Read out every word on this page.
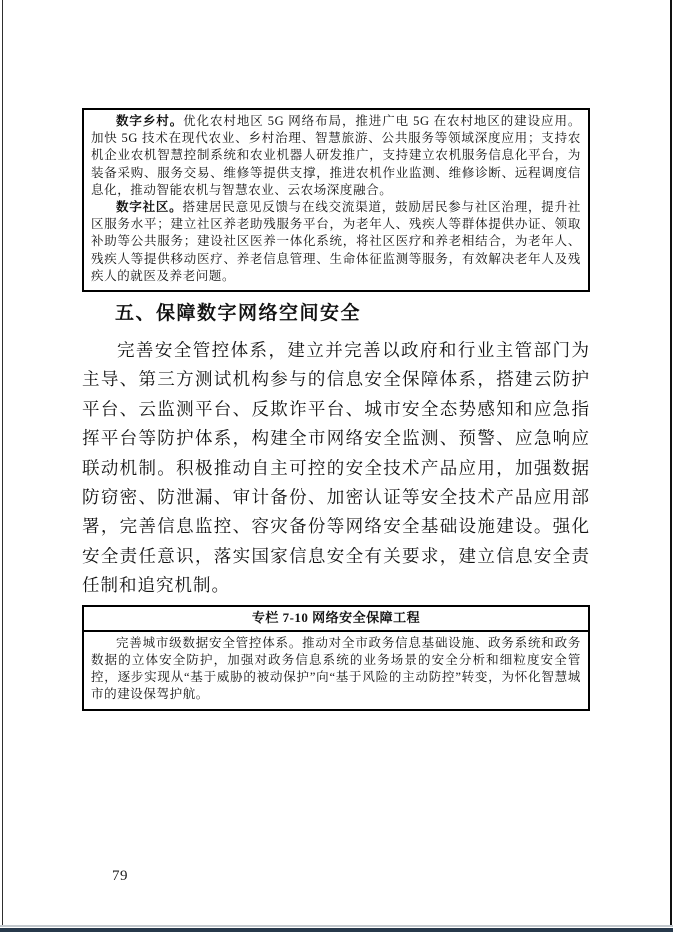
数字乡村。优化农村地区 5G 网络布局，推进广电 5G 在农村地区的建设应用。加快 5G 技术在现代农业、乡村治理、智慧旅游、公共服务等领域深度应用；支持农机企业农机智慧控制系统和农业机器人研发推广，支持建立农机服务信息化平台，为装备采购、服务交易、维修等提供支撑，推进农机作业监测、维修诊断、远程调度信息化，推动智能农机与智慧农业、云农场深度融合。

数字社区。搭建居民意见反馈与在线交流渠道，鼓励居民参与社区治理，提升社区服务水平；建立社区养老助残服务平台，为老年人、残疾人等群体提供办证、领取补助等公共服务；建设社区医养一体化系统，将社区医疗和养老相结合，为老年人、残疾人等提供移动医疗、养老信息管理、生命体征监测等服务，有效解决老年人及残疾人的就医及养老问题。

五、保障数字网络空间安全

完善安全管控体系，建立并完善以政府和行业主管部门为主导、第三方测试机构参与的信息安全保障体系，搭建云防护平台、云监测平台、反欺诈平台、城市安全态势感知和应急指挥平台等防护体系，构建全市网络安全监测、预警、应急响应联动机制。积极推动自主可控的安全技术产品应用，加强数据防窃密、防泄漏、审计备份、加密认证等安全技术产品应用部署，完善信息监控、容灾备份等网络安全基础设施建设。强化安全责任意识，落实国家信息安全有关要求，建立信息安全责任制和追究机制。

专栏 7-10 网络安全保障工程
完善城市级数据安全管控体系。推动对全市政务信息基础设施、政务系统和政务数据的立体安全防护，加强对政务信息系统的业务场景的安全分析和细粒度安全管控，逐步实现从“基于威胁的被动保护”向“基于风险的主动防控”转变，为怀化智慧城市的建设保驾护航。
79
